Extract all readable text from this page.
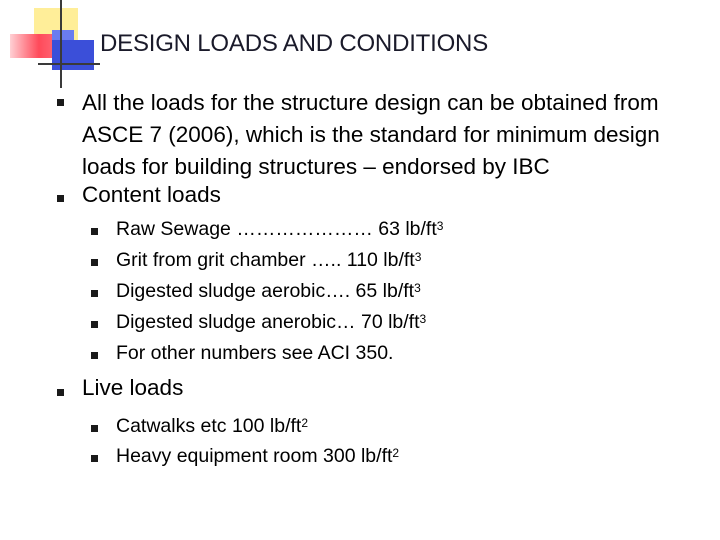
DESIGN LOADS AND CONDITIONS
All the loads for the structure design can be obtained from ASCE 7 (2006), which is the standard for minimum design loads for building structures – endorsed by IBC
Content loads
Raw Sewage ………………… 63 $lb/ft^3$
Grit from grit chamber ….. 110 $lb/ft^3$
Digested sludge aerobic…. 65 $lb/ft^3$
Digested sludge anerobic… 70 $lb/ft^3$
For other numbers see ACI 350.
Live loads
Catwalks etc 100 $lb/ft^2$
Heavy equipment room 300 $lb/ft^2$
